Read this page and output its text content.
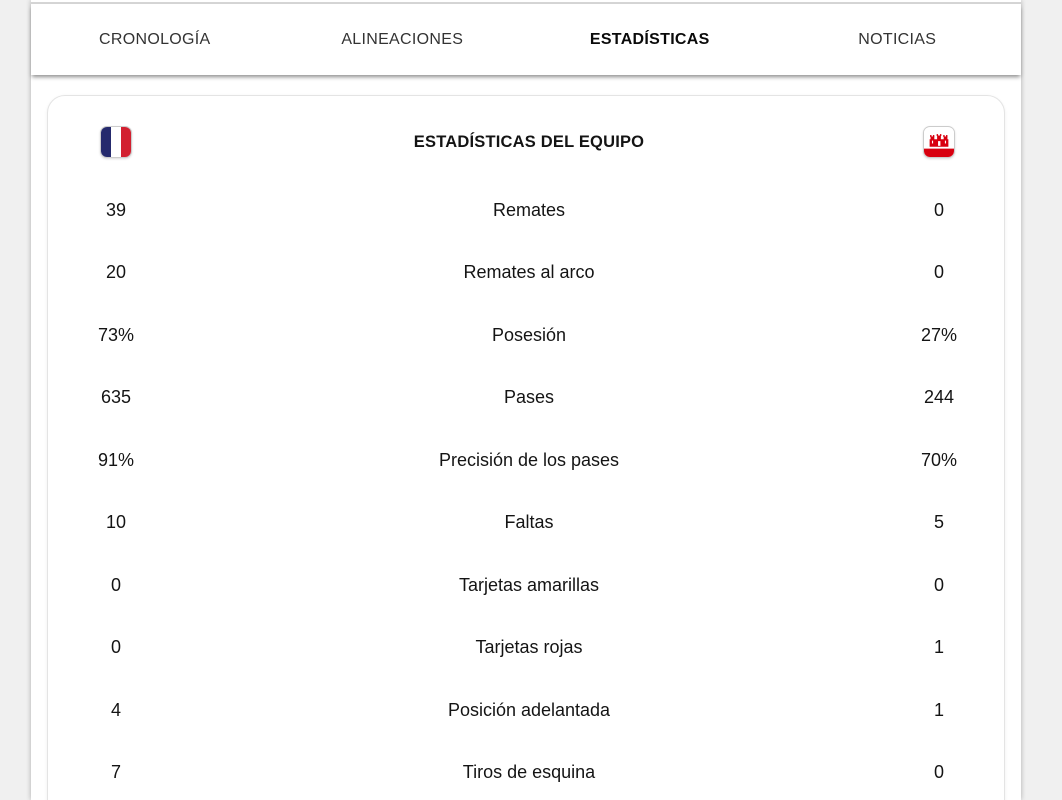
CRONOLOGÍA	ALINEACIONES	ESTADÍSTICAS	NOTICIAS
ESTADÍSTICAS DEL EQUIPO
39	Remates	0
20	Remates al arco	0
73%	Posesión	27%
635	Pases	244
91%	Precisión de los pases	70%
10	Faltas	5
0	Tarjetas amarillas	0
0	Tarjetas rojas	1
4	Posición adelantada	1
7	Tiros de esquina	0
